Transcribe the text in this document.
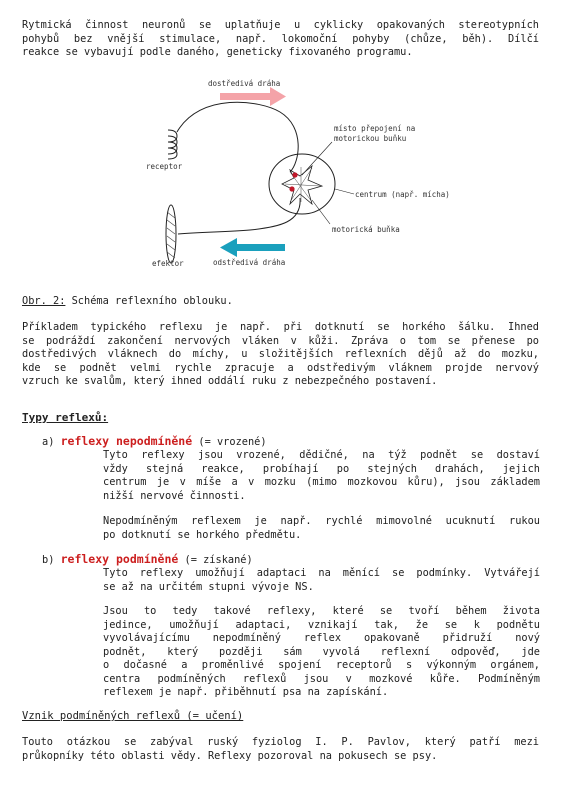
Rytmická činnost neuronů se uplatňuje u cyklicky opakovaných stereotypních
pohybů bez vnější stimulace, např. lokomoční pohyby (chůze, běh). Dílčí
reakce se vybavují podle daného, geneticky fixovaného programu.
dostředivá dráha
receptor
místo přepojení na
motorickou buňku
centrum (např. mícha)
motorická buňka
efektor	odstředivá dráha
Obr. 2: Schéma reflexního oblouku.
Příkladem typického reflexu je např. při dotknutí se horkého šálku. Ihned
se podráždí zakončení nervových vláken v kůži. Zpráva o tom se přenese po
dostředivých vláknech do míchy, u složitějších reflexních dějů až do mozku,
kde se podnět velmi rychle zpracuje a odstředivým vláknem projde nervový
vzruch ke svalům, který ihned oddálí ruku z nebezpečného postavení.
Typy reflexů:
a) reflexy nepodmíněné (= vrozené)
Tyto reflexy jsou vrozené, dědičné, na týž podnět se dostaví
vždy stejná reakce, probíhají po stejných drahách, jejich
centrum je v míše a v mozku (mimo mozkovou kůru), jsou základem
nižší nervové činnosti.
Nepodmíněným reflexem je např. rychlé mimovolné ucuknutí rukou
po dotknutí se horkého předmětu.
b) reflexy podmíněné (= získané)
Tyto reflexy umožňují adaptaci na měnící se podmínky. Vytvářejí
se až na určitém stupni vývoje NS.
Jsou to tedy takové reflexy, které se tvoří během života
jedince, umožňují adaptaci, vznikají tak, že se k podnětu
vyvolávajícímu nepodmíněný reflex opakovaně přidruží nový
podnět, který později sám vyvolá reflexní odpověď, jde
o dočasné a proměnlivé spojení receptorů s výkonným orgánem,
centra podmíněných reflexů jsou v mozkové kůře. Podmíněným
reflexem je např. přiběhnutí psa na zapískání.
Vznik podmíněných reflexů (= učení)
Touto otázkou se zabýval ruský fyziolog I. P. Pavlov, který patří mezi
průkopníky této oblasti vědy. Reflexy pozoroval na pokusech se psy.
